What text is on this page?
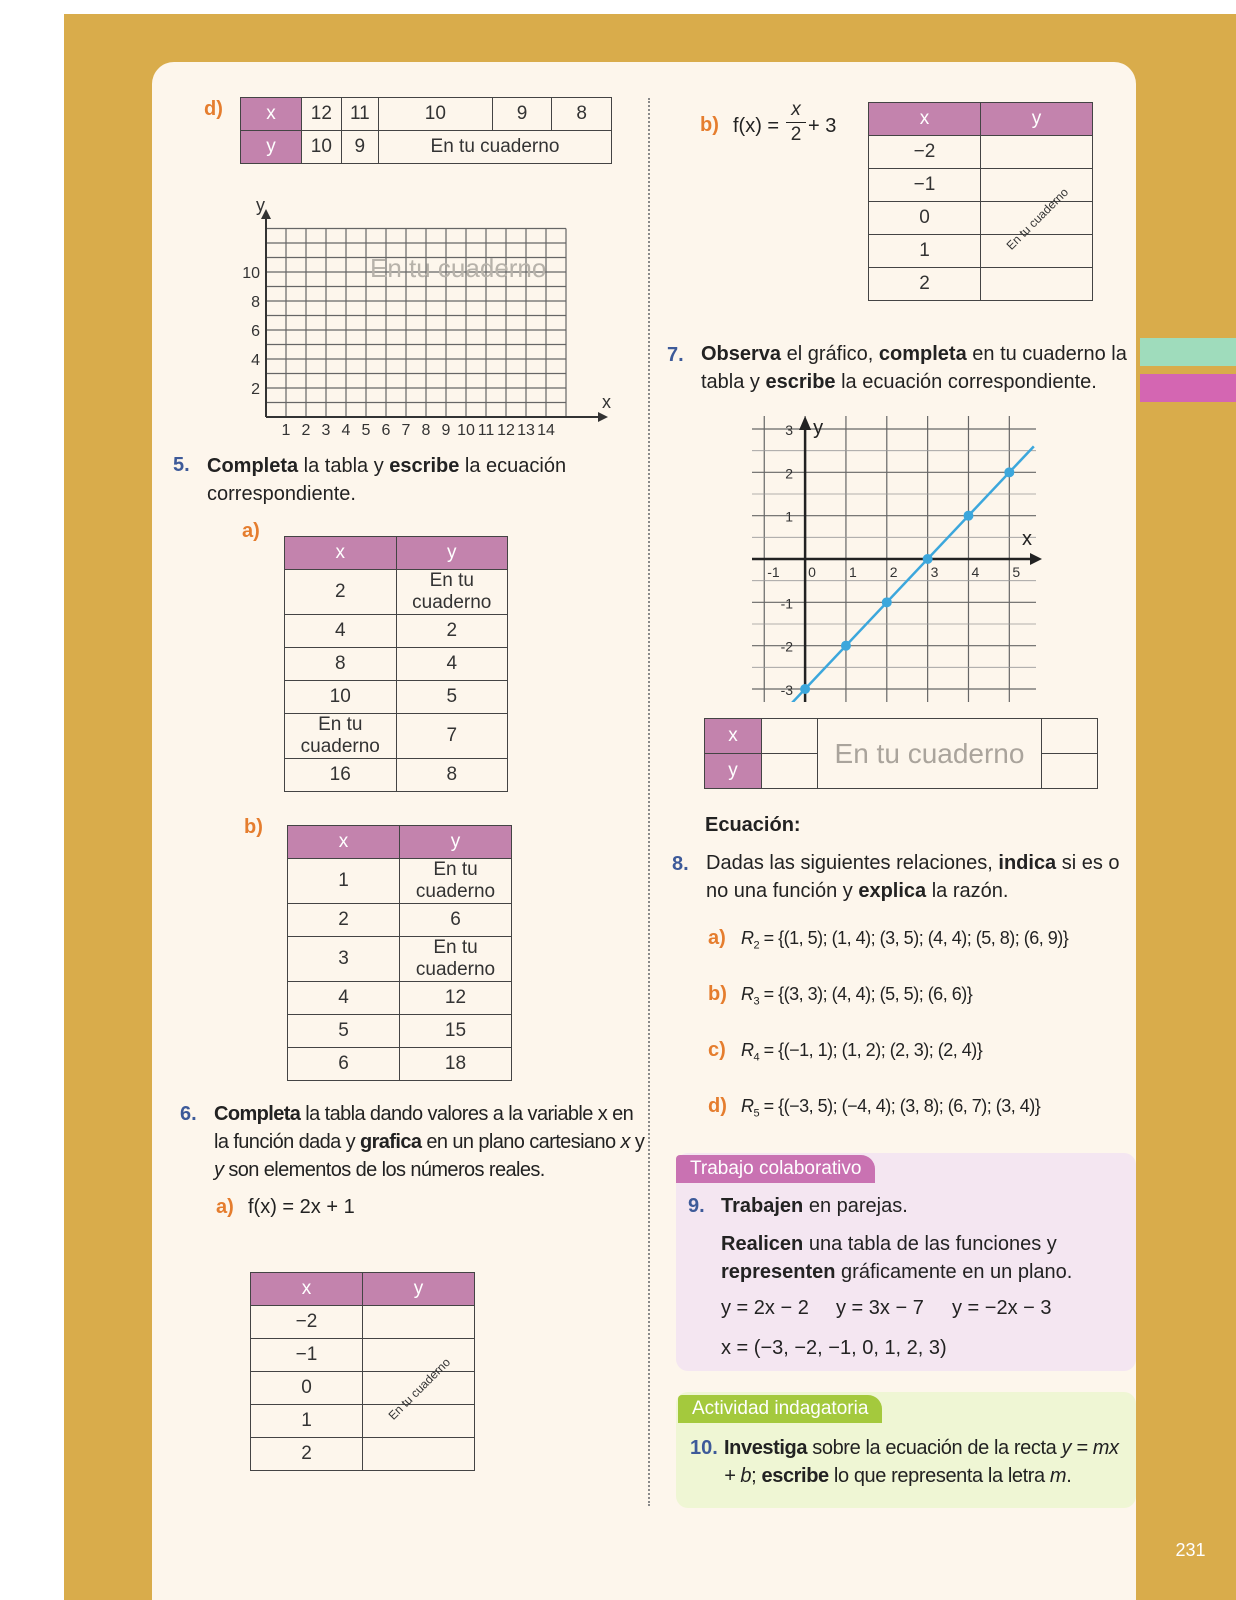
231
d) x	12	11	10	9	8
y	10	9	En tu cuaderno		
y
x
En tu cuaderno
1 2 3 4 5 6 7 8 9 10 11 12 13 14
10
8
6
4
2
5. Completa la tabla y escribe la ecuación correspondiente.
a)
x	y
2	En tu cuaderno
4	2
8	4
10	5
En tu cuaderno	7
16	8
b)
x	y
1	En tu cuaderno
2	6
3	En tu cuaderno
4	12
5	15
6	18
6. Completa la tabla dando valores a la variable x en la función dada y grafica en un plano cartesiano x y y son elementos de los números reales.
a) f(x) = 2x + 1
x	y
−2	
−1	
0	En tu cuaderno
1	
2	
b) $f(x) = \frac{x}{2} + 3$	x	y
−2	
−1	
0	En tu cuaderno
1	
2	
7. Observa el gráfico, completa en tu cuaderno la tabla y escribe la ecuación correspondiente.
y
x
-1 0 1 2 3 4 5
3
2
1
-1
-2
-3
x		En tu cuaderno	
y			
Ecuación:
8. Dadas las siguientes relaciones, indica si es o no una función y explica la razón.
a) $R_2 = \{(1$, 5); (1, 4); (3, 5); (4, 4); (5, 8); (6, 9)}
b) $R_3 = \{(3$, 3); (4, 4); (5, 5); (6, 6)}
c) $R_4 = \{(-1$, 1); (1, 2); (2, 3); (2, 4)}
d) $R_5 = \{(-3$, 5); (−4, 4); (3, 8); (6, 7); (3, 4)}
Trabajo colaborativo
9. Trabajen en parejas.
Realicen una tabla de las funciones y representen gráficamente en un plano.
y = 2x − 2 y = 3x − 7 y = −2x − 3
x = (−3, −2, −1, 0, 1, 2, 3)
Actividad indagatoria
10. Investiga sobre la ecuación de la recta y = mx + b; escribe lo que representa la letra m.
